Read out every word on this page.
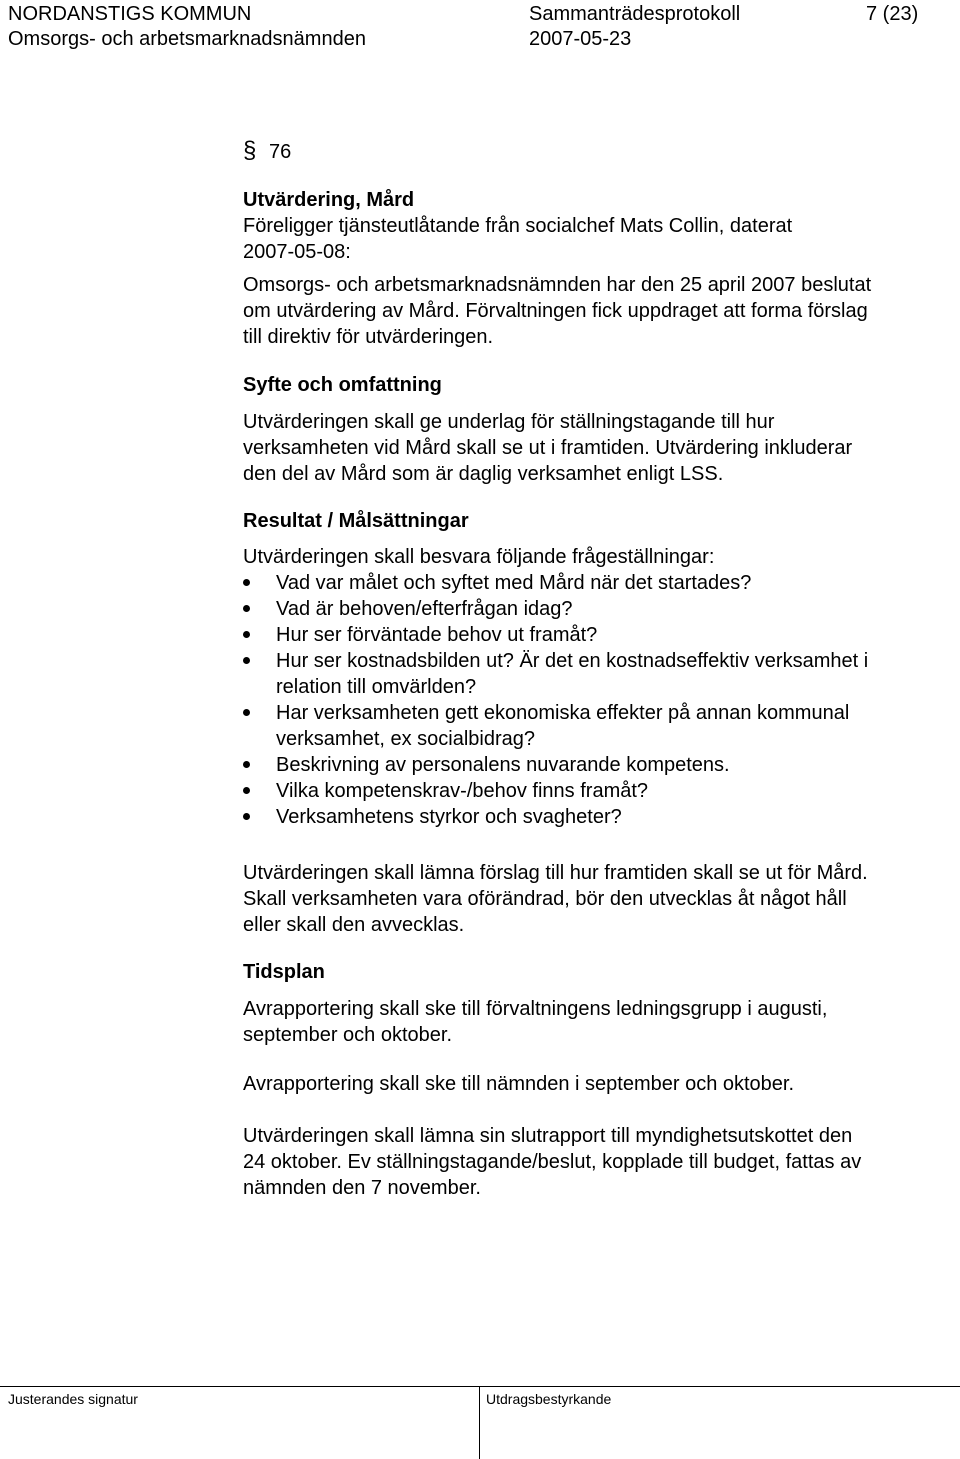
NORDANSTIGS KOMMUN	Sammanträdesprotokoll	7 (23)
Omsorgs- och arbetsmarknadsnämnden	2007-05-23
§ 76
Utvärdering, Mård
Föreligger tjänsteutlåtande från socialchef Mats Collin, daterat
2007-05-08:
Omsorgs- och arbetsmarknadsnämnden har den 25 april 2007 beslutat
om utvärdering av Mård. Förvaltningen fick uppdraget att forma förslag
till direktiv för utvärderingen.
Syfte och omfattning
Utvärderingen skall ge underlag för ställningstagande till hur
verksamheten vid Mård skall se ut i framtiden. Utvärdering inkluderar
den del av Mård som är daglig verksamhet enligt LSS.
Resultat / Målsättningar
Utvärderingen skall besvara följande frågeställningar:
Vad var målet och syftet med Mård när det startades?
Vad är behoven/efterfrågan idag?
Hur ser förväntade behov ut framåt?
Hur ser kostnadsbilden ut? Är det en kostnadseffektiv verksamhet i
relation till omvärlden?
Har verksamheten gett ekonomiska effekter på annan kommunal
verksamhet, ex socialbidrag?
Beskrivning av personalens nuvarande kompetens.
Vilka kompetenskrav-/behov finns framåt?
Verksamhetens styrkor och svagheter?
Utvärderingen skall lämna förslag till hur framtiden skall se ut för Mård.
Skall verksamheten vara oförändrad, bör den utvecklas åt något håll
eller skall den avvecklas.
Tidsplan
Avrapportering skall ske till förvaltningens ledningsgrupp i augusti,
september och oktober.
Avrapportering skall ske till nämnden i september och oktober.
Utvärderingen skall lämna sin slutrapport till myndighetsutskottet den
24 oktober. Ev ställningstagande/beslut, kopplade till budget, fattas av
nämnden den 7 november.
Justerandes signatur	Utdragsbestyrkande
